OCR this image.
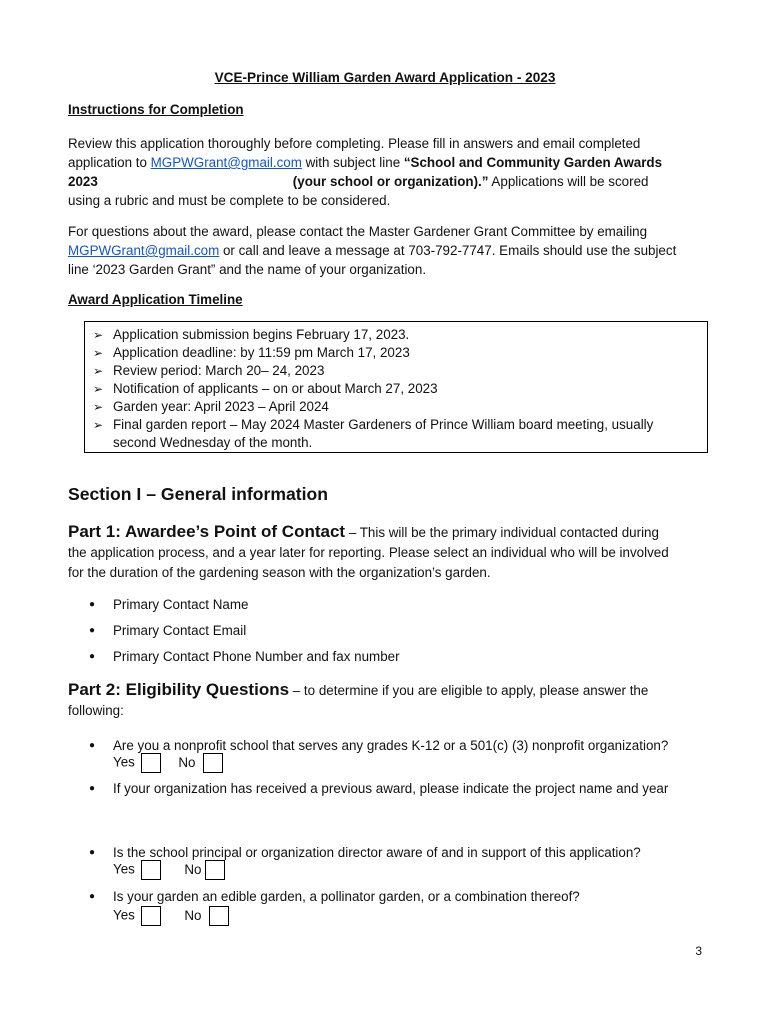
VCE-Prince William Garden Award Application - 2023
Instructions for Completion
Review this application thoroughly before completing. Please fill in answers and email completed
application to MGPWGrant@gmail.com with subject line “School and Community Garden Awards
2023	(your school or organization).” Applications will be scored
using a rubric and must be complete to be considered.
For questions about the award, please contact the Master Gardener Grant Committee by emailing
MGPWGrant@gmail.com or call and leave a message at 703-792-7747. Emails should use the subject
line ‘2023 Garden Grant” and the name of your organization.
Award Application Timeline
➢ Application submission begins February 17, 2023.
➢ Application deadline: by 11:59 pm March 17, 2023
➢ Review period: March 20– 24, 2023
➢ Notification of applicants – on or about March 27, 2023
➢ Garden year: April 2023 – April 2024
➢ Final garden report – May 2024 Master Gardeners of Prince William board meeting, usually second Wednesday of the month.
Section I – General information
Part 1: Awardee’s Point of Contact – This will be the primary individual contacted during
the application process, and a year later for reporting. Please select an individual who will be involved
for the duration of the gardening season with the organization’s garden.
● Primary Contact Name
● Primary Contact Email
● Primary Contact Phone Number and fax number
Part 2: Eligibility Questions – to determine if you are eligible to apply, please answer the
following:
● Are you a nonprofit school that serves any grades K-12 or a 501(c) (3) nonprofit organization?
Yes	No
● If your organization has received a previous award, please indicate the project name and year
● Is the school principal or organization director aware of and in support of this application?
Yes	No
● Is your garden an edible garden, a pollinator garden, or a combination thereof?
Yes	No
3
